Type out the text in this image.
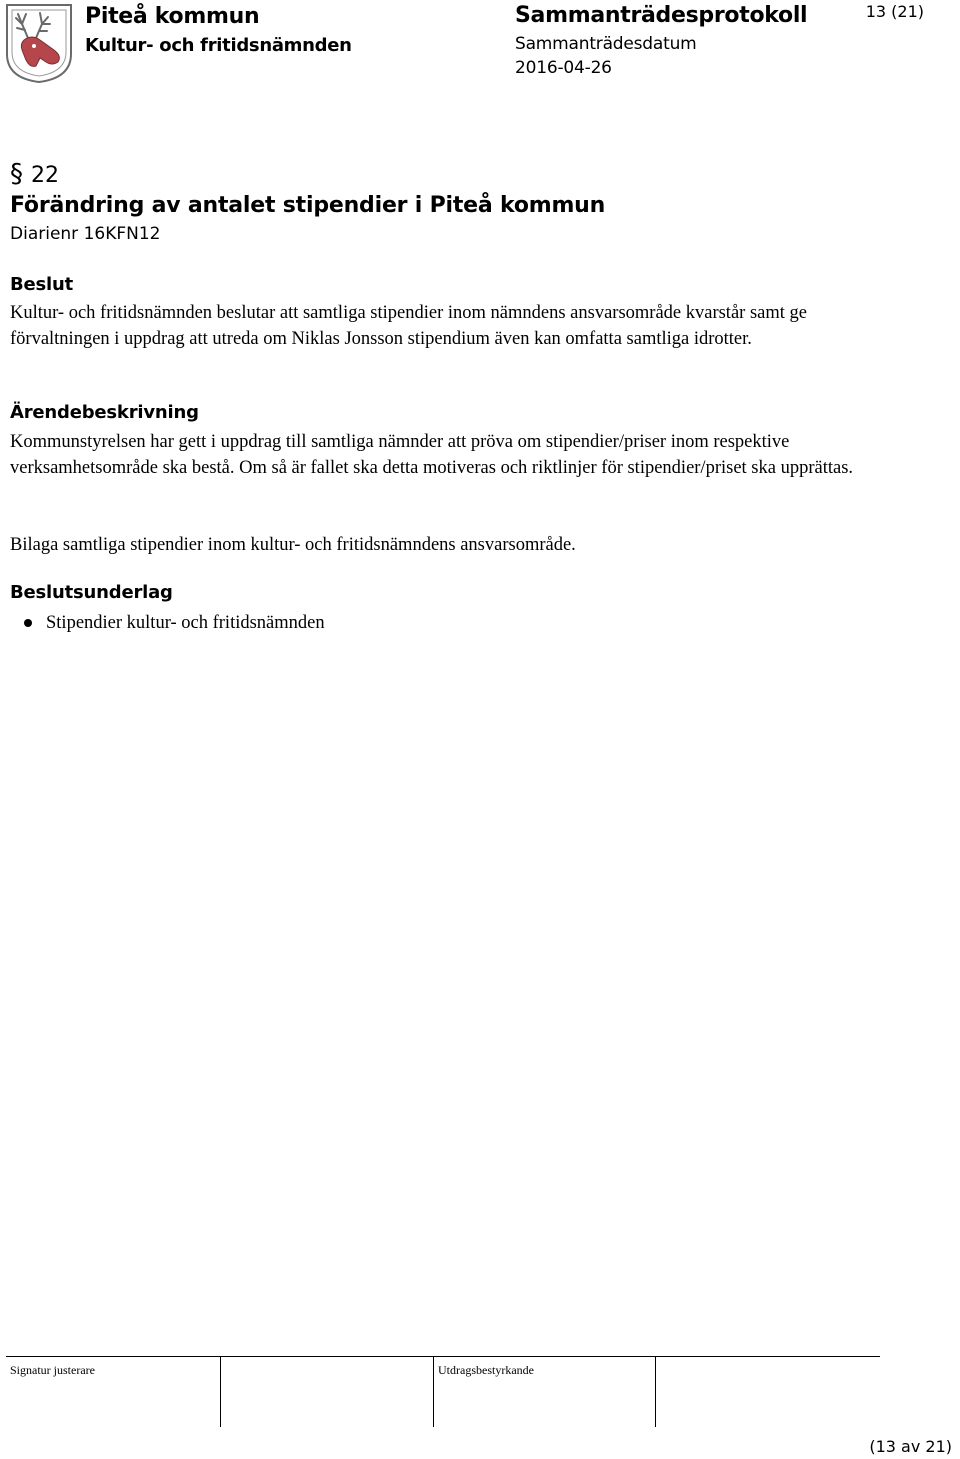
Piteå kommun
Kultur- och fritidsnämnden
Sammanträdesprotokoll
Sammanträdesdatum
2016-04-26
13 (21)
§ 22
Förändring av antalet stipendier i Piteå kommun
Diarienr 16KFN12
Beslut
Kultur- och fritidsnämnden beslutar att samtliga stipendier inom nämndens ansvarsområde kvarstår samt ge förvaltningen i uppdrag att utreda om Niklas Jonsson stipendium även kan omfatta samtliga idrotter.
Ärendebeskrivning
Kommunstyrelsen har gett i uppdrag till samtliga nämnder att pröva om stipendier/priser inom respektive verksamhetsområde ska bestå. Om så är fallet ska detta motiveras och riktlinjer för stipendier/priset ska upprättas.
Bilaga samtliga stipendier inom kultur- och fritidsnämndens ansvarsområde.
Beslutsunderlag
Stipendier kultur- och fritidsnämnden
Signatur justerare	Utdragsbestyrkande
(13 av 21)
